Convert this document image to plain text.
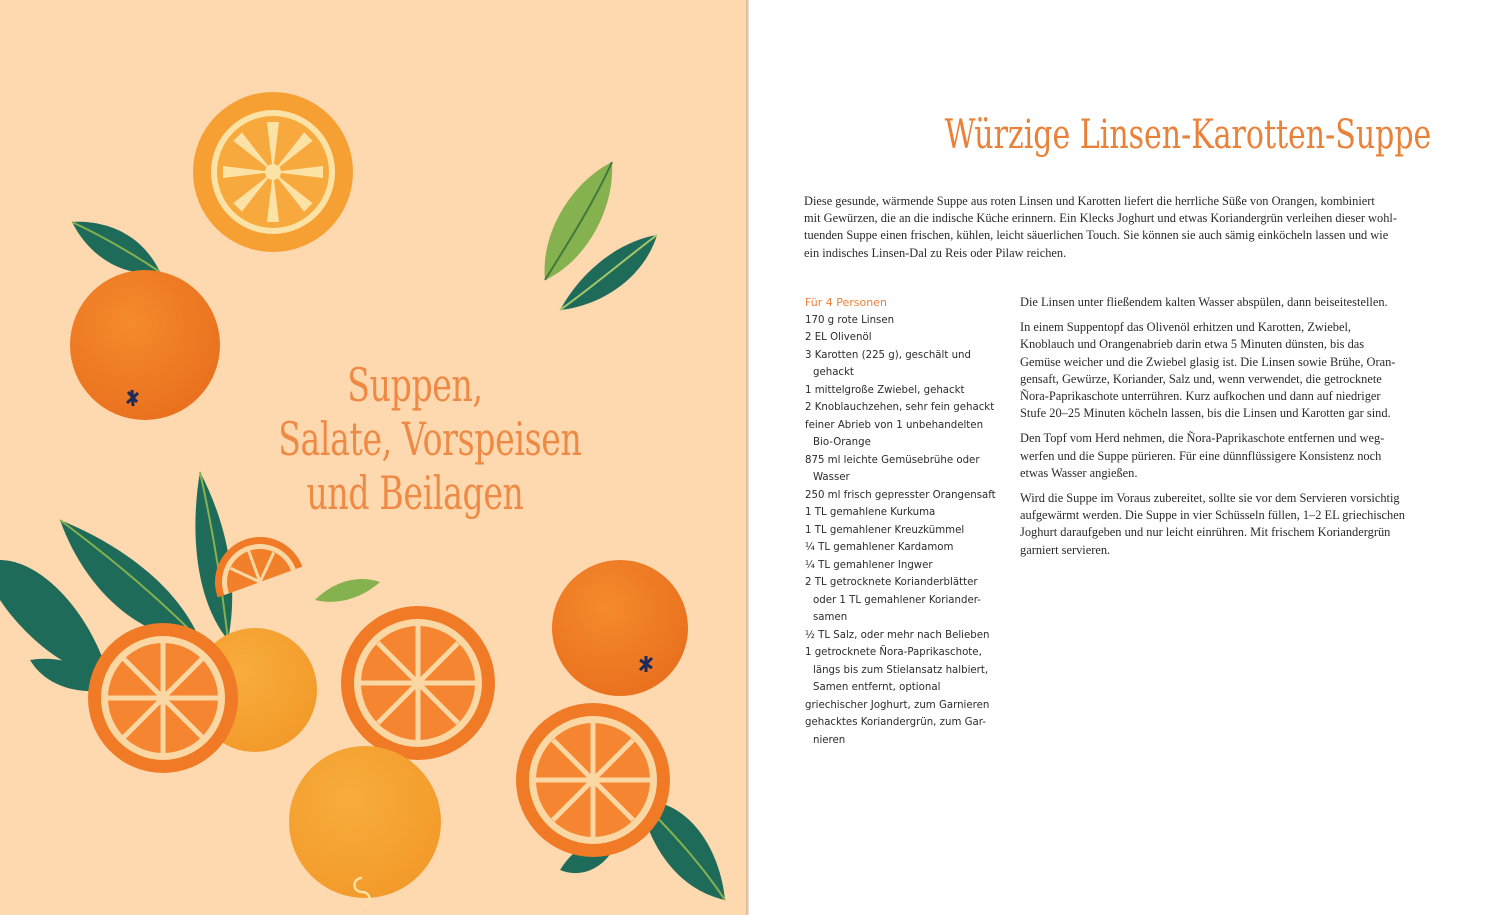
Suppen,
Salate, Vorspeisen
und Beilagen
Würzige Linsen-Karotten-Suppe
Diese gesunde, wärmende Suppe aus roten Linsen und Karotten liefert die herrliche Süße von Orangen, kombiniert
mit Gewürzen, die an die indische Küche erinnern. Ein Klecks Joghurt und etwas Koriandergrün verleihen dieser wohl-
tuenden Suppe einen frischen, kühlen, leicht säuerlichen Touch. Sie können sie auch sämig einköcheln lassen und wie
ein indisches Linsen-Dal zu Reis oder Pilaw reichen.
Für 4 Personen
170 g rote Linsen
2 EL Olivenöl
3 Karotten (225 g), geschält und
gehackt
1 mittelgroße Zwiebel, gehackt
2 Knoblauchzehen, sehr fein gehackt
feiner Abrieb von 1 unbehandelten
Bio-Orange
875 ml leichte Gemüsebrühe oder
Wasser
250 ml frisch gepresster Orangensaft
1 TL gemahlene Kurkuma
1 TL gemahlener Kreuzkümmel
¼ TL gemahlener Kardamom
¼ TL gemahlener Ingwer
2 TL getrocknete Korianderblätter
oder 1 TL gemahlener Koriander-
samen
½ TL Salz, oder mehr nach Belieben
1 getrocknete Ñora-Paprikaschote,
längs bis zum Stielansatz halbiert,
Samen entfernt, optional
griechischer Joghurt, zum Garnieren
gehacktes Koriandergrün, zum Gar-
nieren
Die Linsen unter fließendem kalten Wasser abspülen, dann beiseitestellen.
In einem Suppentopf das Olivenöl erhitzen und Karotten, Zwiebel,
Knoblauch und Orangenabrieb darin etwa 5 Minuten dünsten, bis das
Gemüse weicher und die Zwiebel glasig ist. Die Linsen sowie Brühe, Oran-
gensaft, Gewürze, Koriander, Salz und, wenn verwendet, die getrocknete
Ñora-Paprikaschote unterrühren. Kurz aufkochen und dann auf niedriger
Stufe 20–25 Minuten köcheln lassen, bis die Linsen und Karotten gar sind.
Den Topf vom Herd nehmen, die Ñora-Paprikaschote entfernen und weg-
werfen und die Suppe pürieren. Für eine dünnflüssigere Konsistenz noch
etwas Wasser angießen.
Wird die Suppe im Voraus zubereitet, sollte sie vor dem Servieren vorsichtig
aufgewärmt werden. Die Suppe in vier Schüsseln füllen, 1–2 EL griechischen
Joghurt daraufgeben und nur leicht einrühren. Mit frischem Koriandergrün
garniert servieren.
